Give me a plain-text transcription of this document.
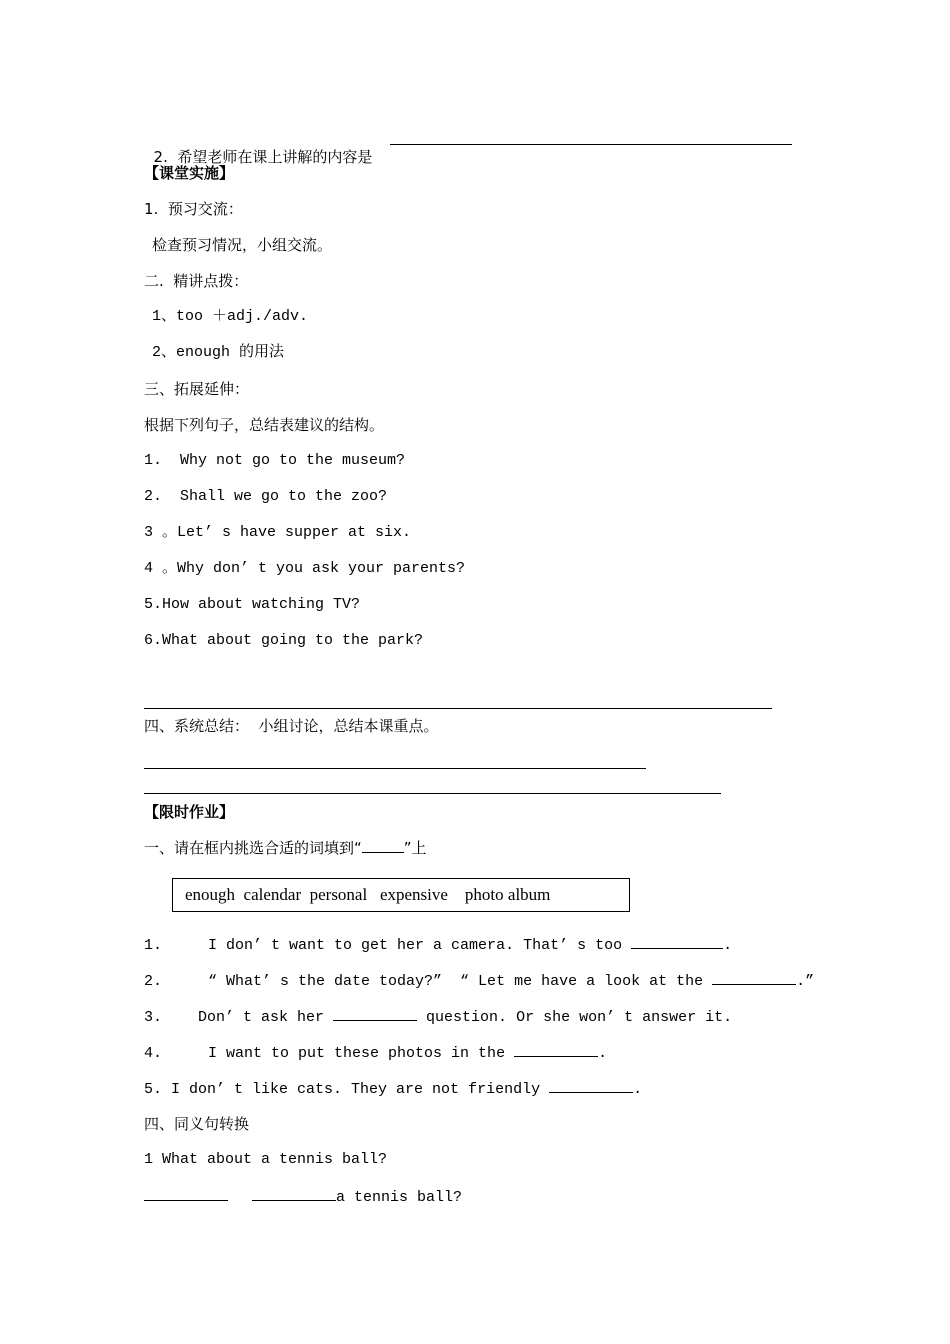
2.  希望老师在课上讲解的内容是

【课堂实施】
1.  预习交流：
检查预习情况，小组交流。
二.  精讲点拨：
1、too ＋adj./adv.
2、enough 的用法
三、拓展延伸：
根据下列句子，总结表建议的结构。
1.  Why not go to the museum?
2.  Shall we go to the zoo?
3 。Let’ s have supper at six.
4 。Why don’ t you ask your parents?
5.How about watching TV?
6.What about going to the park?
四、系统总结：  小组讨论，总结本课重点。
【限时作业】
一、请在框内挑选合适的词填到“	”上
enough  calendar  personal   expensive    photo album
1.	I don’ t want to get her a camera. That’ s too	.
2.	“ What’ s the date today?”  “ Let me have a look at the	.”
3. Don’ t ask her	question. Or she won’ t answer it.
4.	I want to put these photos in the	.
5. I don’ t like cats. They are not friendly	.
四、同义句转换
1 What about a tennis ball?
a tennis ball?
